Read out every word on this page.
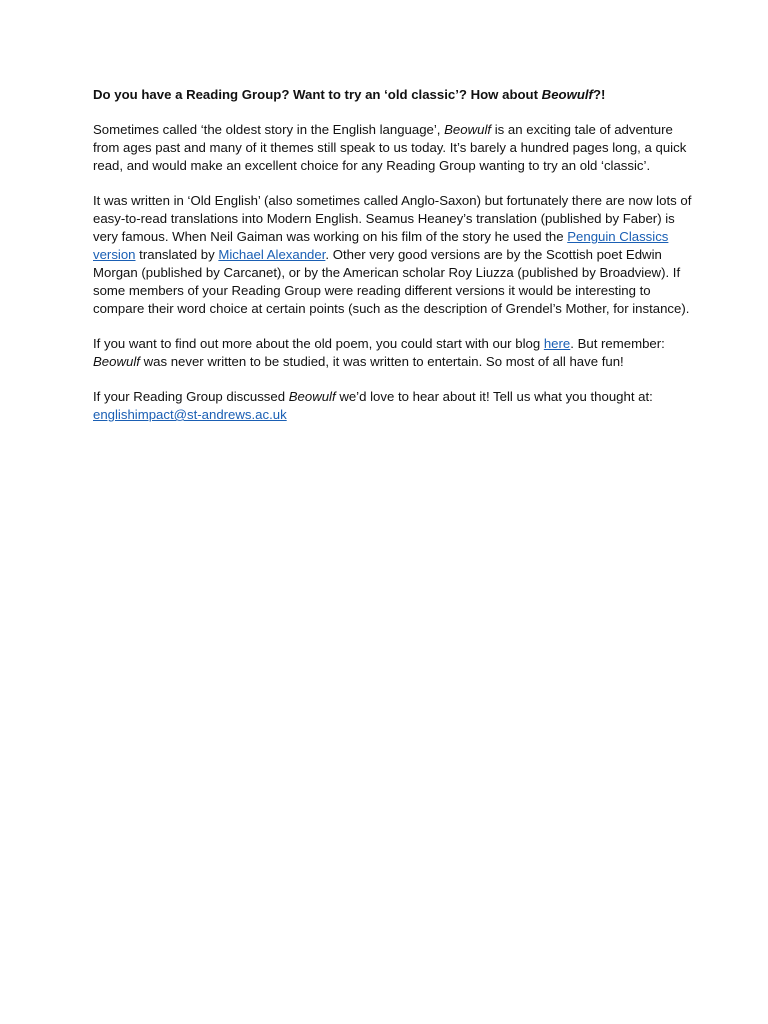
Do you have a Reading Group? Want to try an ‘old classic’? How about Beowulf?!

Sometimes called ‘the oldest story in the English language’, Beowulf is an exciting tale of adventure from ages past and many of it themes still speak to us today. It’s barely a hundred pages long, a quick read, and would make an excellent choice for any Reading Group wanting to try an old ‘classic’.

It was written in ‘Old English’ (also sometimes called Anglo-Saxon) but fortunately there are now lots of easy-to-read translations into Modern English. Seamus Heaney’s translation (published by Faber) is very famous. When Neil Gaiman was working on his film of the story he used the Penguin Classics version translated by Michael Alexander. Other very good versions are by the Scottish poet Edwin Morgan (published by Carcanet), or by the American scholar Roy Liuzza (published by Broadview). If some members of your Reading Group were reading different versions it would be interesting to compare their word choice at certain points (such as the description of Grendel’s Mother, for instance).

If you want to find out more about the old poem, you could start with our blog here. But remember: Beowulf was never written to be studied, it was written to entertain. So most of all have fun!

If your Reading Group discussed Beowulf we’d love to hear about it! Tell us what you thought at: englishimpact@st-andrews.ac.uk
